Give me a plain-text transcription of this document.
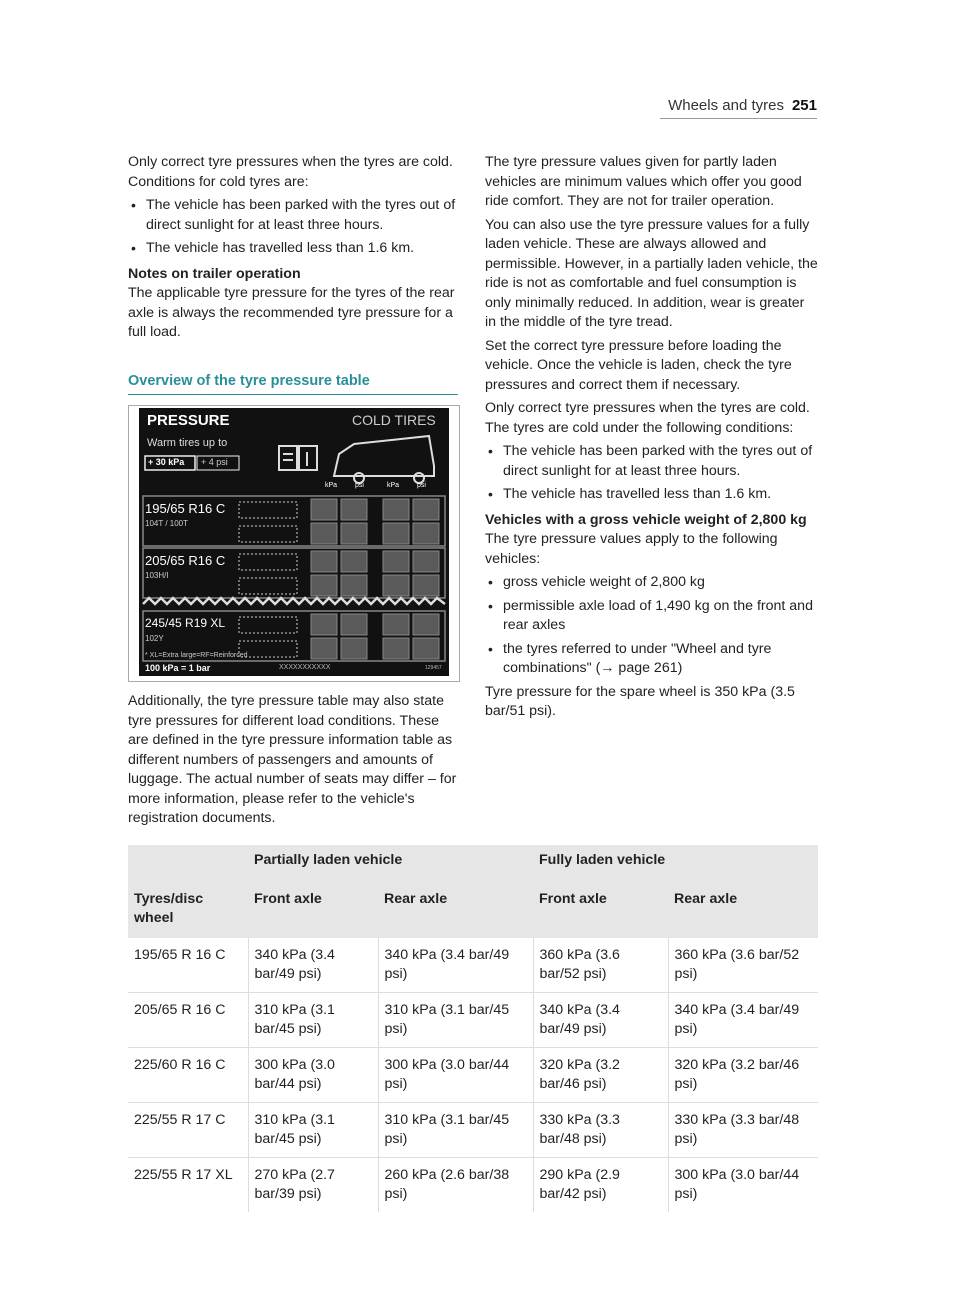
Wheels and tyres 251

Only correct tyre pressures when the tyres are cold. Conditions for cold tyres are:

• The vehicle has been parked with the tyres out of direct sunlight for at least three hours.
• The vehicle has travelled less than 1.6 km.

Notes on trailer operation

The applicable tyre pressure for the tyres of the rear axle is always the recommended tyre pressure for a full load.

Overview of the tyre pressure table
PRESSURE	COLD TIRES
Warm tires up to
+ 30 kPa + 4 psi
kPa	psi	kPa	psi
195/65 R16 C
104T / 100T
205/65 R16 C
103H/I
245/45 R19 XL
102Y
* XL=Extra large=RF=Reinforced
100 kPa = 1 bar	XXXXXXXXXXX	129457

Additionally, the tyre pressure table may also state tyre pressures for different load conditions. These are defined in the tyre pressure information table as different numbers of passengers and amounts of luggage. The actual number of seats may differ – for more information, please refer to the vehicle's registration documents.

The tyre pressure values given for partly laden vehicles are minimum values which offer you good ride comfort. They are not for trailer operation.

You can also use the tyre pressure values for a fully laden vehicle. These are always allowed and permissible. However, in a partially laden vehicle, the ride is not as comfortable and fuel consumption is only minimally reduced. In addition, wear is greater in the middle of the tyre tread.

Set the correct tyre pressure before loading the vehicle. Once the vehicle is laden, check the tyre pressures and correct them if necessary.

Only correct tyre pressures when the tyres are cold. The tyres are cold under the following conditions:

• The vehicle has been parked with the tyres out of direct sunlight for at least three hours.
• The vehicle has travelled less than 1.6 km.

Vehicles with a gross vehicle weight of 2,800 kg

The tyre pressure values apply to the following vehicles:

• gross vehicle weight of 2,800 kg
• permissible axle load of 1,490 kg on the front and rear axles
• the tyres referred to under "Wheel and tyre combinations" (→ page 261)

Tyre pressure for the spare wheel is 350 kPa (3.5 bar/51 psi).

	Partially laden vehicle		Fully laden vehicle	
Tyres/disc wheel	Front axle	Rear axle	Front axle	Rear axle
195/65 R 16 C	340 kPa (3.4 bar/49 psi)	340 kPa (3.4 bar/49 psi)	360 kPa (3.6 bar/52 psi)	360 kPa (3.6 bar/52 psi)
205/65 R 16 C	310 kPa (3.1 bar/45 psi)	310 kPa (3.1 bar/45 psi)	340 kPa (3.4 bar/49 psi)	340 kPa (3.4 bar/49 psi)
225/60 R 16 C	300 kPa (3.0 bar/44 psi)	300 kPa (3.0 bar/44 psi)	320 kPa (3.2 bar/46 psi)	320 kPa (3.2 bar/46 psi)
225/55 R 17 C	310 kPa (3.1 bar/45 psi)	310 kPa (3.1 bar/45 psi)	330 kPa (3.3 bar/48 psi)	330 kPa (3.3 bar/48 psi)
225/55 R 17 XL	270 kPa (2.7 bar/39 psi)	260 kPa (2.6 bar/38 psi)	290 kPa (2.9 bar/42 psi)	300 kPa (3.0 bar/44 psi)
